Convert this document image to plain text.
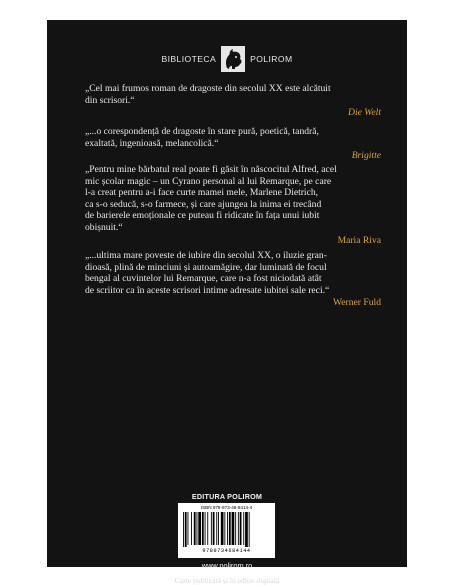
BIBLIOTECA	POLIROM

„Cel mai frumos roman de dragoste din secolul XX este alcătuit

din scrisori.“

Die Welt

„...o corespondență de dragoste în stare pură, poetică, tandră,

exaltată, ingenioasă, melancolică.“

Brigitte

„Pentru mine bărbatul real poate fi găsit în născocitul Alfred, acel

mic școlar magic – un Cyrano personal al lui Remarque, pe care

l-a creat pentru a-i face curte mamei mele, Marlene Dietrich,

ca s-o seducă, s-o farmece, și care ajungea la inima ei trecând

de barierele emoționale ce puteau fi ridicate în fața unui iubit

obișnuit.“

Maria Riva

„...ultima mare poveste de iubire din secolul XX, o iluzie gran-

dioasă, plină de minciuni și autoamăgire, dar luminată de focul

bengal al cuvintelor lui Remarque, care n-a fost niciodată atât

de scriitor ca în aceste scrisori intime adresate iubitei sale reci.“

Werner Fuld
EDITURA POLIROM
ISBN 978-973-46-8414-4
9789734684144
www.polirom.ro
Carte publicată și în ediție digitală
